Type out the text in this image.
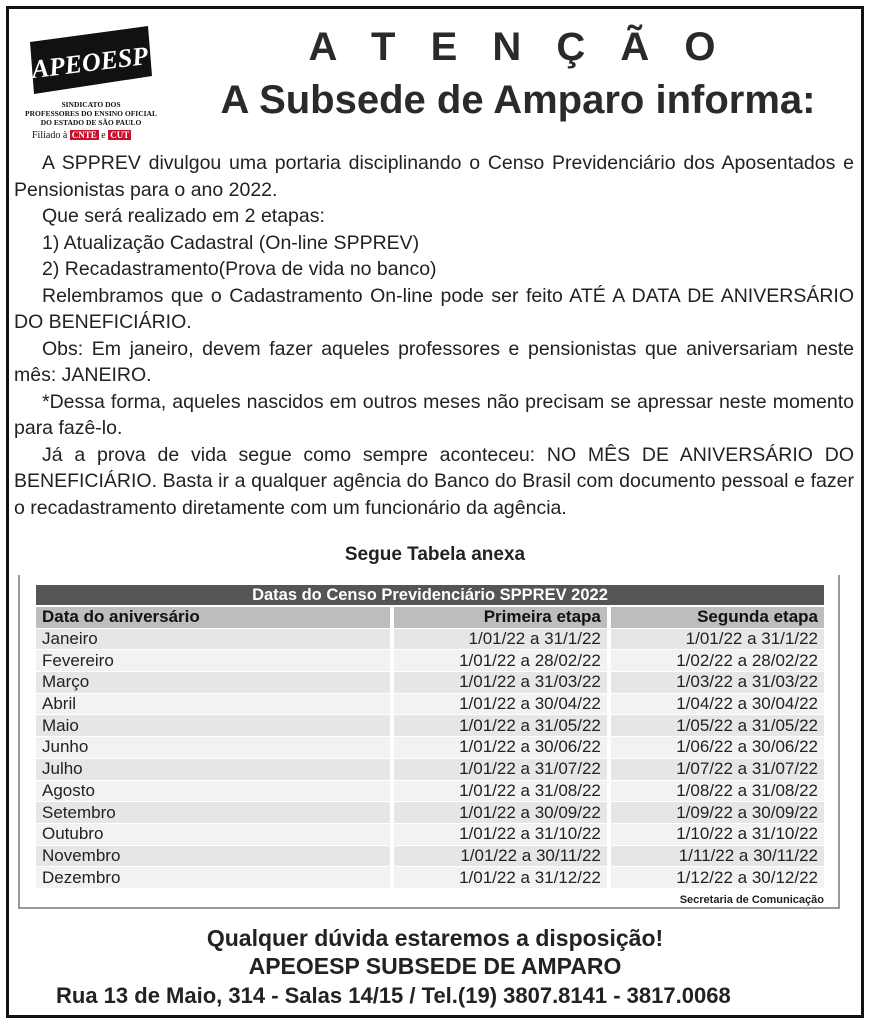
APEOESP
SINDICATO DOS
PROFESSORES DO ENSINO OFICIAL
DO ESTADO DE SÃO PAULO
Filiado à CNTE e CUT
A T E N Ç Ã O
A Subsede de Amparo informa:

A SPPREV divulgou uma portaria disciplinando o Censo Previdenciário dos Aposentados e Pensionistas para o ano 2022.

Que será realizado em 2 etapas:

1) Atualização Cadastral (On-line SPPREV)

2) Recadastramento(Prova de vida no banco)

Relembramos que o Cadastramento On-line pode ser feito ATÉ A DATA DE ANIVERSÁRIO DO BENEFICIÁRIO.

Obs: Em janeiro, devem fazer aqueles professores e pensionistas que aniversariam neste mês: JANEIRO.

*Dessa forma, aqueles nascidos em outros meses não precisam se apressar neste momento para fazê-lo.

Já a prova de vida segue como sempre aconteceu: NO MÊS DE ANIVERSÁRIO DO BENEFICIÁRIO. Basta ir a qualquer agência do Banco do Brasil com documento pessoal e fazer o recadastramento diretamente com um funcionário da agência.

Segue Tabela anexa
Datas do Censo Previdenciário SPPREV 2022
Data do aniversário	Primeira etapa	Segunda etapa
Janeiro	1/01/22 a 31/1/22	1/01/22 a 31/1/22
Fevereiro	1/01/22 a 28/02/22	1/02/22 a 28/02/22
Março	1/01/22 a 31/03/22	1/03/22 a 31/03/22
Abril	1/01/22 a 30/04/22	1/04/22 a 30/04/22
Maio	1/01/22 a 31/05/22	1/05/22 a 31/05/22
Junho	1/01/22 a 30/06/22	1/06/22 a 30/06/22
Julho	1/01/22 a 31/07/22	1/07/22 a 31/07/22
Agosto	1/01/22 a 31/08/22	1/08/22 a 31/08/22
Setembro	1/01/22 a 30/09/22	1/09/22 a 30/09/22
Outubro	1/01/22 a 31/10/22	1/10/22 a 31/10/22
Novembro	1/01/22 a 30/11/22	1/11/22 a 30/11/22
Dezembro	1/01/22 a 31/12/22	1/12/22 a 30/12/22
Secretaria de Comunicação
Qualquer dúvida estaremos a disposição!
APEOESP SUBSEDE DE AMPARO
Rua 13 de Maio, 314 - Salas 14/15 / Tel.(19) 3807.8141 - 3817.0068
